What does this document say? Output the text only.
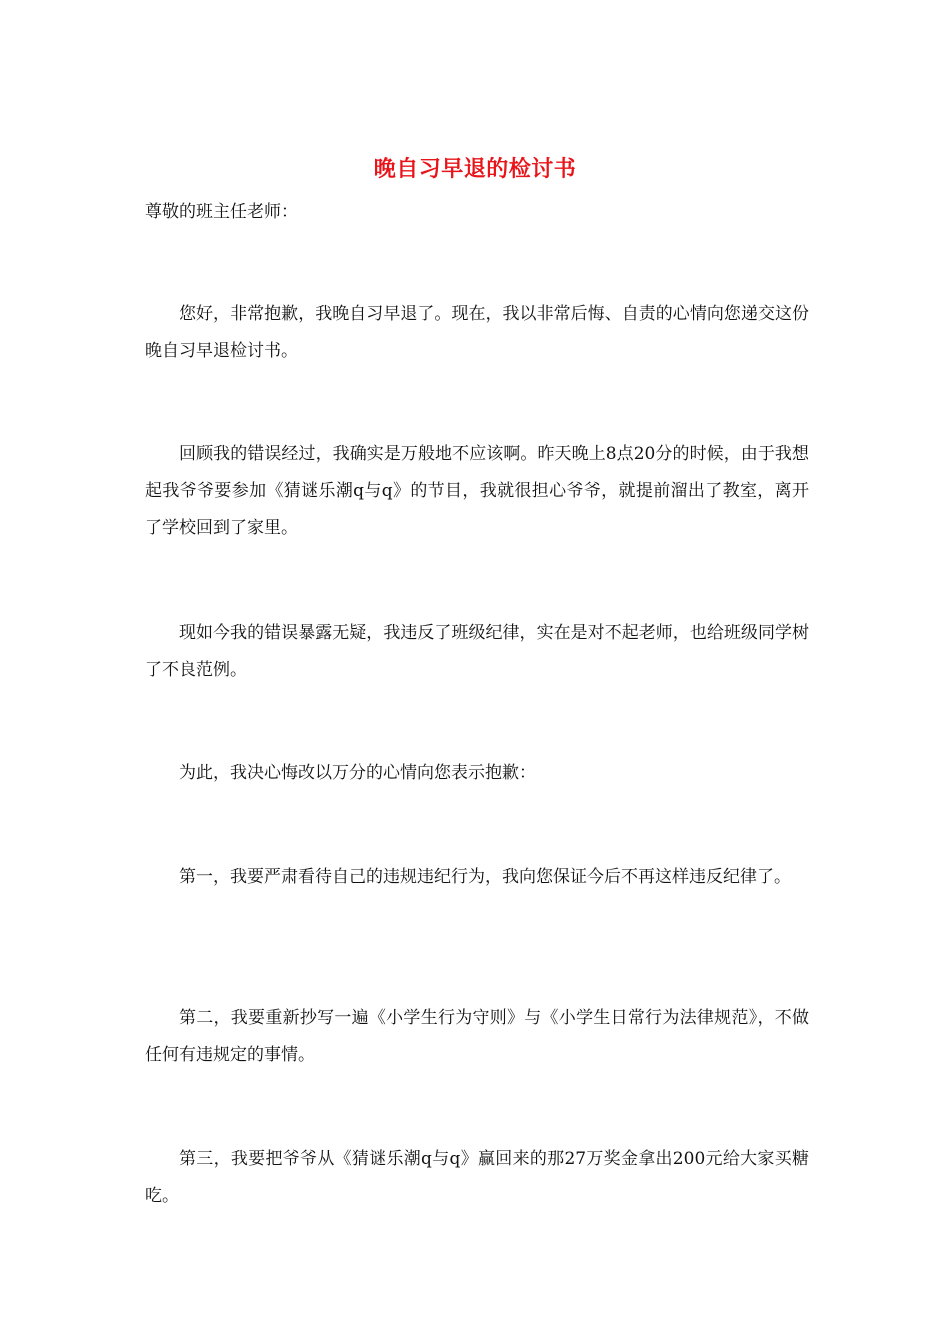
晚自习早退的检讨书
尊敬的班主任老师：
您好，非常抱歉，我晚自习早退了。现在，我以非常后悔、自责的心情向您递交这份晚自习早退检讨书。
回顾我的错误经过，我确实是万般地不应该啊。昨天晚上8点20分的时候，由于我想起我爷爷要参加《猜谜乐潮q与q》的节目，我就很担心爷爷，就提前溜出了教室，离开了学校回到了家里。
现如今我的错误暴露无疑，我违反了班级纪律，实在是对不起老师，也给班级同学树了不良范例。
为此，我决心悔改以万分的心情向您表示抱歉：
第一，我要严肃看待自己的违规违纪行为，我向您保证今后不再这样违反纪律了。
第二，我要重新抄写一遍《小学生行为守则》与《小学生日常行为法律规范》，不做任何有违规定的事情。
第三，我要把爷爷从《猜谜乐潮q与q》赢回来的那27万奖金拿出200元给大家买糖吃。
